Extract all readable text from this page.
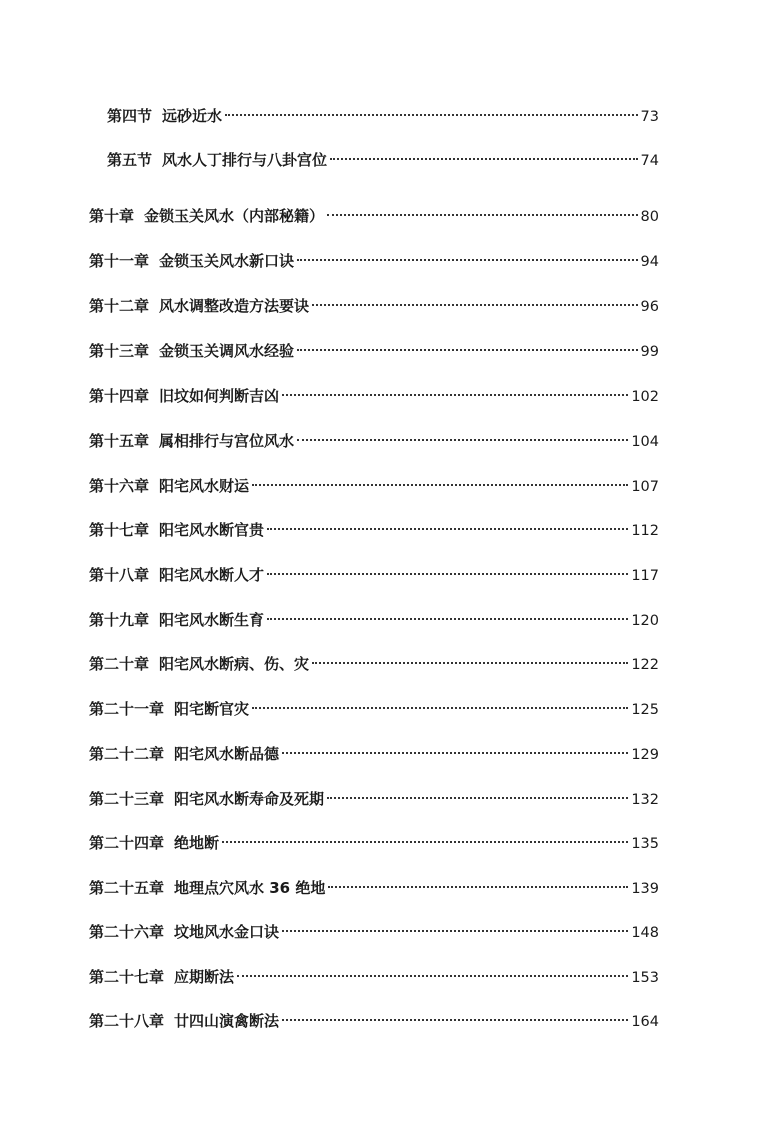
第四节 远砂近水	73
第五节 风水人丁排行与八卦宫位	74
第十章 金锁玉关风水（内部秘籍）	80
第十一章 金锁玉关风水新口诀	94
第十二章 风水调整改造方法要诀	96
第十三章 金锁玉关调风水经验	99
第十四章 旧坟如何判断吉凶	102
第十五章 属相排行与宫位风水	104
第十六章 阳宅风水财运	107
第十七章 阳宅风水断官贵	112
第十八章 阳宅风水断人才	117
第十九章 阳宅风水断生育	120
第二十章 阳宅风水断病、伤、灾	122
第二十一章 阳宅断官灾	125
第二十二章 阳宅风水断品德	129
第二十三章 阳宅风水断寿命及死期	132
第二十四章 绝地断	135
第二十五章 地理点穴风水 36 绝地	139
第二十六章 坟地风水金口诀	148
第二十七章 应期断法	153
第二十八章 廿四山演禽断法	164
